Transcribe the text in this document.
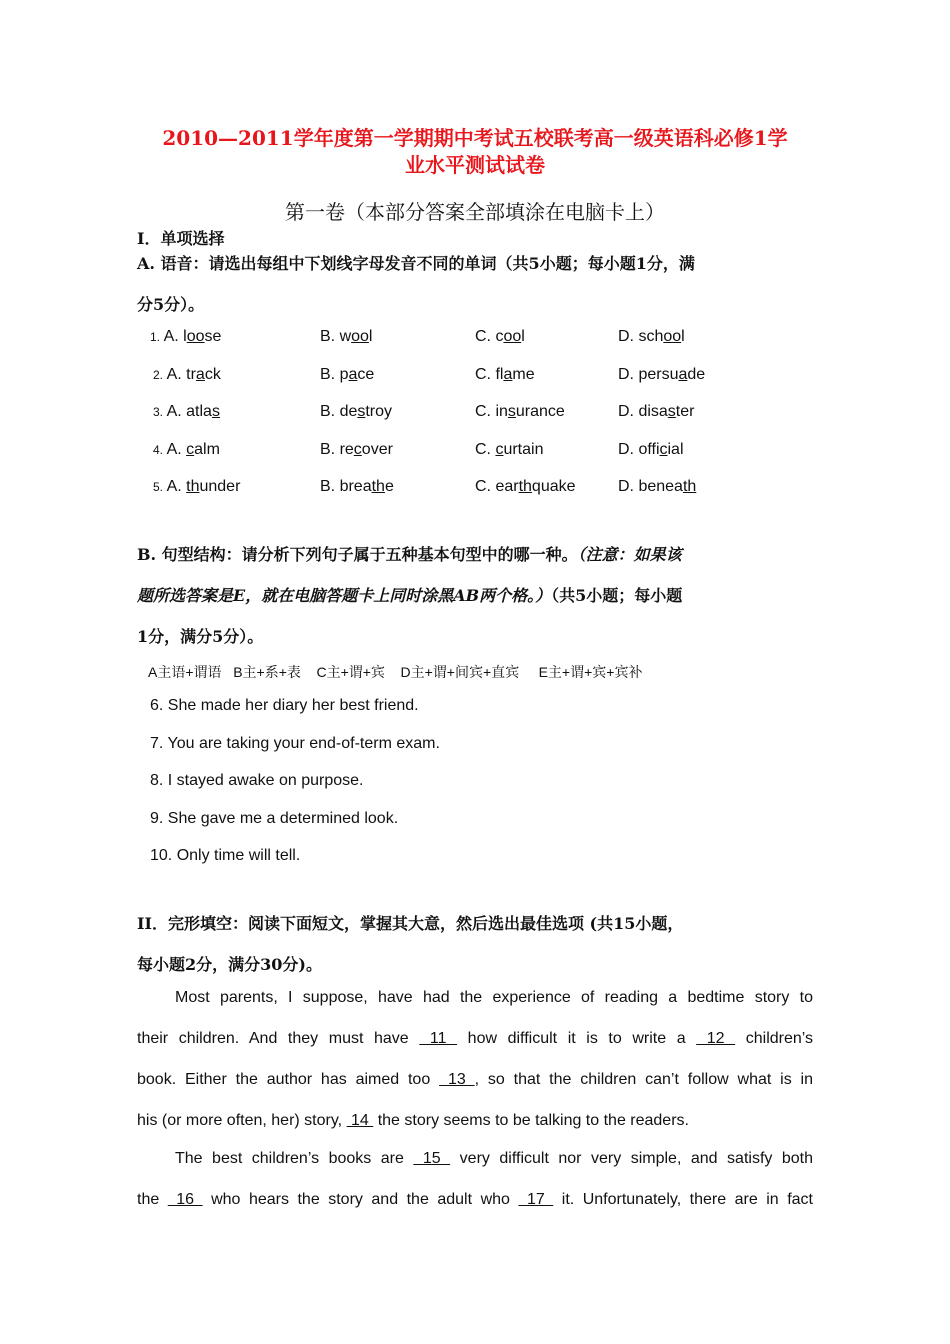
2010—2011学年度第一学期期中考试五校联考高一级英语科必修1学
业水平测试试卷
第一卷（本部分答案全部填涂在电脑卡上）
I．单项选择
A. 语音：请选出每组中下划线字母发音不同的单词（共5小题；每小题1分，满
分5分）。
1. A. loose	B. wool	C. cool	D. school
2. A. track	B. pace	C. flame	D. persuade
3. A. atlas	B. destroy	C. insurance	D. disaster
4. A. calm	B. recover	C. curtain	D. official
5. A. thunder	B. breathe	C. earthquake	D. beneath
B. 句型结构：请分析下列句子属于五种基本句型中的哪一种。（注意：如果该
题所选答案是E，就在电脑答题卡上同时涂黑AB两个格。）（共5小题；每小题
1分，满分5分）。
A主语+谓语 B主+系+表 C主+谓+宾 D主+谓+间宾+直宾 E主+谓+宾+宾补
6. She made her diary her best friend.
7. You are taking your end-of-term exam.
8. I stayed awake on purpose.
9. She gave me a determined look.
10. Only time will tell.
II．完形填空：阅读下面短文，掌握其大意，然后选出最佳选项 (共15小题，
每小题2分，满分30分)。
Most parents, I suppose, have had the experience of reading a bedtime story to
their children. And they must have  11  how difficult it is to write a  12  children’s
book. Either the author has aimed too  13 , so that the children can’t follow what is in
his (or more often, her) story,  14  the story seems to be talking to the readers.
The best children’s books are  15  very difficult nor very simple, and satisfy both
the  16  who hears the story and the adult who  17  it. Unfortunately, there are in fact
